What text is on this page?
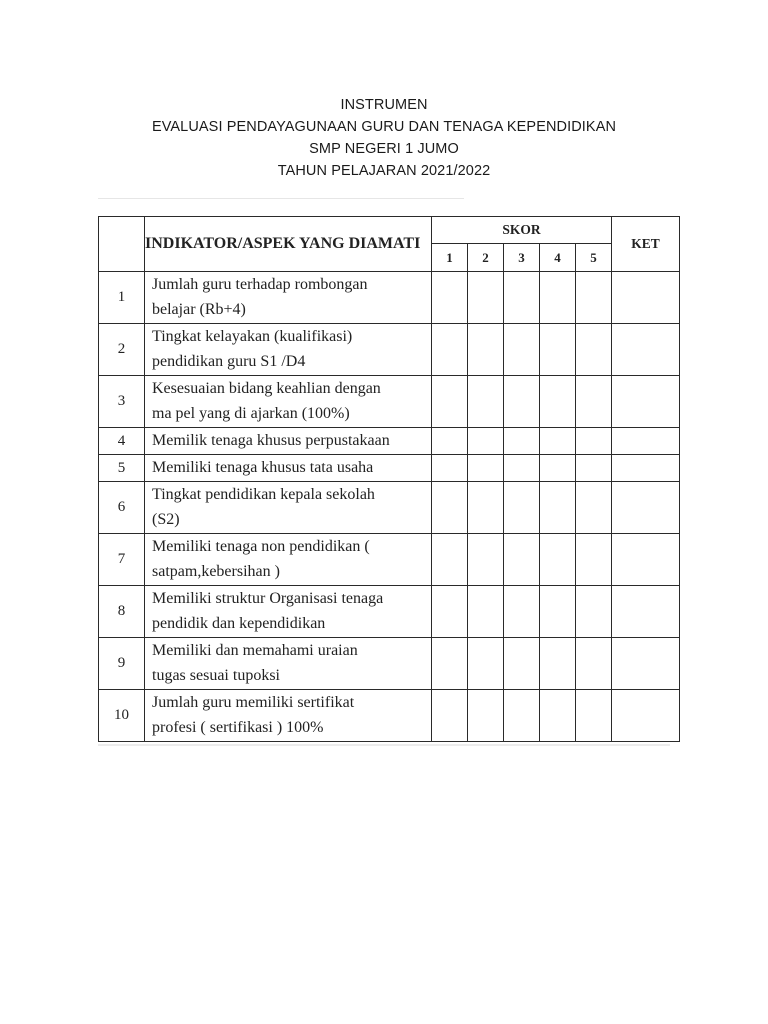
INSTRUMEN
EVALUASI PENDAYAGUNAAN GURU DAN TENAGA KEPENDIDIKAN
SMP NEGERI 1 JUMO
TAHUN PELAJARAN 2021/2022
	INDIKATOR/ASPEK YANG DIAMATI	SKOR					KET
		1	2	3	4	5	
1	Jumlah guru terhadap rombongan
belajar (Rb+4)						

2	Tingkat kelayakan (kualifikasi)
pendidikan guru S1 /D4						

3	Kesesuaian bidang keahlian dengan
ma pel yang di ajarkan (100%)						

4	Memilik tenaga khusus perpustakaan						

5	Memiliki tenaga khusus tata usaha						

6	Tingkat pendidikan kepala sekolah
(S2)						

7	Memiliki tenaga non pendidikan (
satpam,kebersihan )						

8	Memiliki struktur Organisasi tenaga
pendidik dan kependidikan						

9	Memiliki dan memahami uraian
tugas sesuai tupoksi						

10	Jumlah guru memiliki sertifikat
profesi ( sertifikasi ) 100%						
